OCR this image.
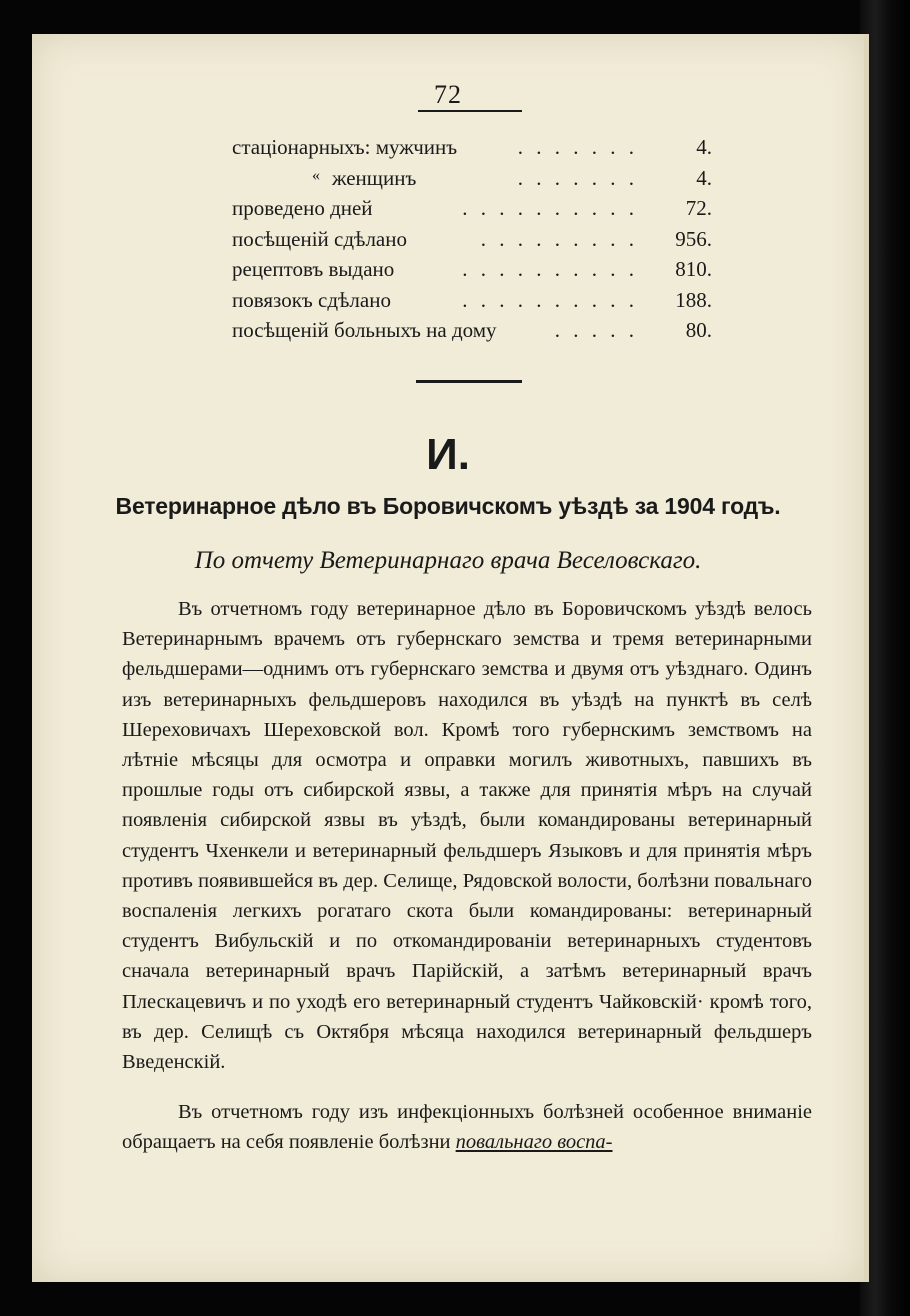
72
стаціонарныхъ: мужчинъ	. . . . . . .	4.
« женщинъ	. . . . . . .	4.
проведено дней	. . . . . . . . . . 72.
посѣщеній сдѣлано	. . . . . . . . . 956.
рецептовъ выдано	. . . . . . . . . . 810.
повязокъ сдѣлано	. . . . . . . . . . 188.
посѣщеній больныхъ на дому	. . . . . 80.
И.
Ветеринарное дѣло въ Боровичскомъ уѣздѣ за 1904 годъ.
По отчету Ветеринарнаго врача Веселовскаго.

Въ отчетномъ году ветеринарное дѣло въ Боровичскомъ уѣздѣ велось Ветеринарнымъ врачемъ отъ губернскаго земства и тремя ветеринарными фельдшерами—однимъ отъ губернскаго земства и двумя отъ уѣзднаго. Одинъ изъ ветеринарныхъ фельдшеровъ находился въ уѣздѣ на пунктѣ въ селѣ Шереховичахъ Шереховской вол. Кромѣ того губернскимъ земствомъ на лѣтніе мѣсяцы для осмотра и оправки могилъ животныхъ, павшихъ въ прошлые годы отъ сибирской язвы, а также для принятія мѣръ на случай появленія сибирской язвы въ уѣздѣ, были командированы ветеринарный студентъ Чхенкели и ветеринарный фельдшеръ Языковъ и для принятія мѣръ противъ появившейся въ дер. Селище, Рядовской волости, болѣзни повальнаго воспаленія легкихъ рогатаго скота были командированы: ветеринарный студентъ Вибульскій и по откомандированіи ветеринарныхъ студентовъ сначала ветеринарный врачъ Парійскій, а затѣмъ ветеринарный врачъ Плескацевичъ и по уходѣ его ветеринарный студентъ Чайковскій· кромѣ того, въ дер. Селищѣ съ Октября мѣсяца находился ветеринарный фельдшеръ Введенскій.

Въ отчетномъ году изъ инфекціонныхъ болѣзней особенное вниманіе обращаетъ на себя появленіе болѣзни повальнаго воспа-
